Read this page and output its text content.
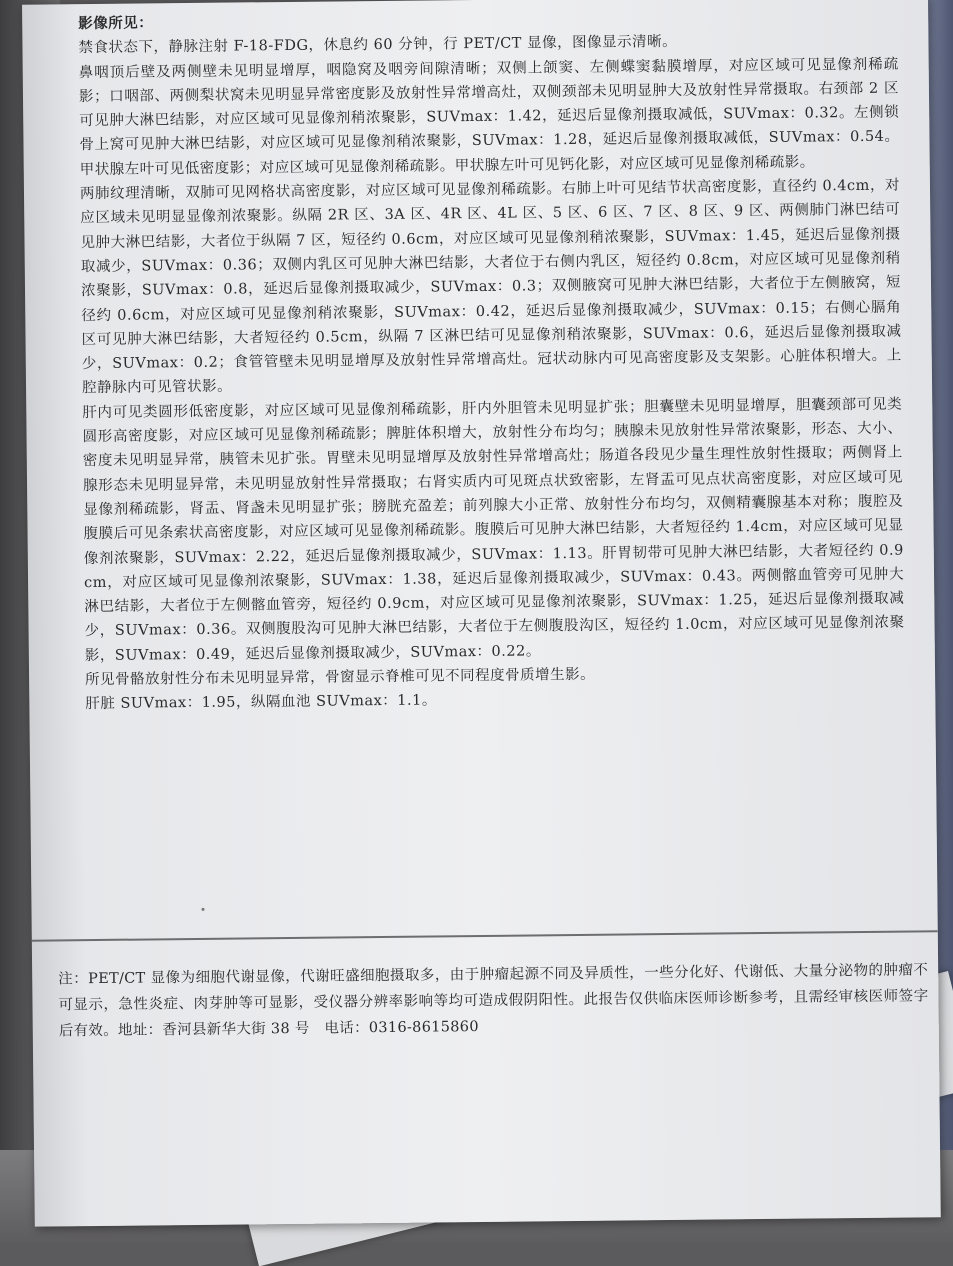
影像所见：

禁食状态下，静脉注射 F-18-FDG，休息约 60 分钟，行 PET/CT 显像，图像显示清晰。

鼻咽顶后壁及两侧壁未见明显增厚，咽隐窝及咽旁间隙清晰；双侧上颌窦、左侧蝶窦黏膜增厚，对应区域可见显像剂稀疏影；口咽部、两侧梨状窝未见明显异常密度影及放射性异常增高灶，双侧颈部未见明显肿大及放射性异常摄取。右颈部 2 区可见肿大淋巴结影，对应区域可见显像剂稍浓聚影，SUVmax：1.42，延迟后显像剂摄取减低，SUVmax：0.32。左侧锁骨上窝可见肿大淋巴结影，对应区域可见显像剂稍浓聚影，SUVmax：1.28，延迟后显像剂摄取减低，SUVmax：0.54。甲状腺左叶可见低密度影；对应区域可见显像剂稀疏影。甲状腺左叶可见钙化影，对应区域可见显像剂稀疏影。

两肺纹理清晰，双肺可见网格状高密度影，对应区域可见显像剂稀疏影。右肺上叶可见结节状高密度影，直径约 0.4cm，对应区域未见明显显像剂浓聚影。纵隔 2R 区、3A 区、4R 区、4L 区、5 区、6 区、7 区、8 区、9 区、两侧肺门淋巴结可见肿大淋巴结影，大者位于纵隔 7 区，短径约 0.6cm，对应区域可见显像剂稍浓聚影，SUVmax：1.45，延迟后显像剂摄取减少，SUVmax：0.36；双侧内乳区可见肿大淋巴结影，大者位于右侧内乳区，短径约 0.8cm，对应区域可见显像剂稍浓聚影，SUVmax：0.8，延迟后显像剂摄取减少，SUVmax：0.3；双侧腋窝可见肿大淋巴结影，大者位于左侧腋窝，短径约 0.6cm，对应区域可见显像剂稍浓聚影，SUVmax：0.42，延迟后显像剂摄取减少，SUVmax：0.15；右侧心膈角区可见肿大淋巴结影，大者短径约 0.5cm，纵隔 7 区淋巴结可见显像剂稍浓聚影，SUVmax：0.6，延迟后显像剂摄取减少，SUVmax：0.2；食管管壁未见明显增厚及放射性异常增高灶。冠状动脉内可见高密度影及支架影。心脏体积增大。上腔静脉内可见管状影。

肝内可见类圆形低密度影，对应区域可见显像剂稀疏影，肝内外胆管未见明显扩张；胆囊壁未见明显增厚，胆囊颈部可见类圆形高密度影，对应区域可见显像剂稀疏影；脾脏体积增大，放射性分布均匀；胰腺未见放射性异常浓聚影，形态、大小、密度未见明显异常，胰管未见扩张。胃壁未见明显增厚及放射性异常增高灶；肠道各段见少量生理性放射性摄取；两侧肾上腺形态未见明显异常，未见明显放射性异常摄取；右肾实质内可见斑点状致密影，左肾盂可见点状高密度影，对应区域可见显像剂稀疏影，肾盂、肾盏未见明显扩张；膀胱充盈差；前列腺大小正常、放射性分布均匀，双侧精囊腺基本对称；腹腔及腹膜后可见条索状高密度影，对应区域可见显像剂稀疏影。腹膜后可见肿大淋巴结影，大者短径约 1.4cm，对应区域可见显像剂浓聚影，SUVmax：2.22，延迟后显像剂摄取减少，SUVmax：1.13。肝胃韧带可见肿大淋巴结影，大者短径约 0.9cm，对应区域可见显像剂浓聚影，SUVmax：1.38，延迟后显像剂摄取减少，SUVmax：0.43。两侧髂血管旁可见肿大淋巴结影，大者位于左侧髂血管旁，短径约 0.9cm，对应区域可见显像剂浓聚影，SUVmax：1.25，延迟后显像剂摄取减少，SUVmax：0.36。双侧腹股沟可见肿大淋巴结影，大者位于左侧腹股沟区，短径约 1.0cm，对应区域可见显像剂浓聚影，SUVmax：0.49，延迟后显像剂摄取减少，SUVmax：0.22。

所见骨骼放射性分布未见明显异常，骨窗显示脊椎可见不同程度骨质增生影。

肝脏 SUVmax：1.95，纵隔血池 SUVmax：1.1。

注：PET/CT 显像为细胞代谢显像，代谢旺盛细胞摄取多，由于肿瘤起源不同及异质性，一些分化好、代谢低、大量分泌物的肿瘤不可显示，急性炎症、肉芽肿等可显影，受仪器分辨率影响等均可造成假阴阳性。此报告仅供临床医师诊断参考，且需经审核医师签字后有效。地址：香河县新华大街 38 号　电话：0316-8615860
